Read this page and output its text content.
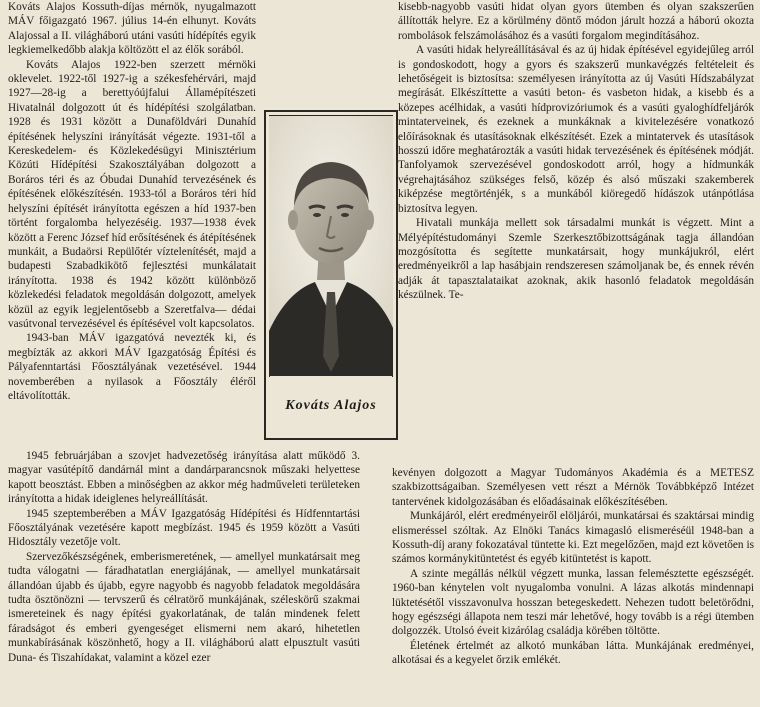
Kováts Alajos Kossuth-díjas mérnök, nyugalmazott MÁV főigazgató 1967. július 14-én elhunyt. Kováts Alajossal a II. világháború utáni vasúti hídépítés egyik legkiemelkedőbb alakja költözött el az élők sorából.

Kováts Alajos 1922-ben szerzett mérnöki oklevelet. 1922-től 1927-ig a székesfehérvári, majd 1927—28-ig a berettyóújfalui Államépítészeti Hivatalnál dolgozott út és hídépítési szolgálatban. 1928 és 1931 között a Dunaföldvári Dunahíd építésének helyszíni irányítását végezte. 1931-től a Kereskedelem- és Közlekedésügyi Minisztérium Közúti Hídépítési Szakosztályában dolgozott a Boráros téri és az Óbudai Dunahíd tervezésének és építésének előkészítésén. 1933-tól a Boráros téri híd helyszíni építését irányította egészen a híd 1937-ben történt forgalomba helyezéséig. 1937—1938 évek között a Ferenc József híd erősítésének és átépítésének munkáit, a Budaörsi Repülőtér víztelenítését, majd a budapesti Szabadkikötő fejlesztési munkálatait irányította. 1938 és 1942 között különböző közlekedési feladatok megoldásán dolgozott, amelyek közül az egyik legjelentősebb a Szeretfalva— dédai vasútvonal tervezésével és építésével volt kapcsolatos.

1943-ban MÁV igazgatóvá nevezték ki, és megbízták az akkori MÁV Igazgatóság Építési és Pályafenntartási Főosztályának vezetésével. 1944 novemberében a nyilasok a Főosztály éléről eltávolították.

Kováts Alajos

kisebb-nagyobb vasúti hidat olyan gyors ütemben és olyan szakszerűen állították helyre. Ez a körülmény döntő módon járult hozzá a háború okozta rombolások felszámolásához és a vasúti forgalom megindításához.

A vasúti hidak helyreállításával és az új hidak építésével egyidejűleg arról is gondoskodott, hogy a gyors és szakszerű munkavégzés feltételeit és lehetőségeit is biztosítsa: személyesen irányította az új Vasúti Hídszabályzat megírását. Elkészíttette a vasúti beton- és vasbeton hidak, a kisebb és a közepes acélhidak, a vasúti hídprovizóriumok és a vasúti gyaloghídfeljárók mintaterveinek, és ezeknek a munkáknak a kivitelezésére vonatkozó előírásoknak és utasításoknak elkészítését. Ezek a mintatervek és utasítások hosszú időre meghatározták a vasúti hidak tervezésének és építésének módját. Tanfolyamok szervezésével gondoskodott arról, hogy a hídmunkák végrehajtásához szükséges felső, közép és alsó műszaki szakemberek kiképzése megtörténjék, s a munkából kiöregedő hídászok utánpótlása biztosítva legyen.

Hivatali munkája mellett sok társadalmi munkát is végzett. Mint a Mélyépítéstudományi Szemle Szerkesztőbizottságának tagja állandóan mozgósította és segítette munkatársait, hogy munkájukról, elért eredményeikről a lap hasábjain rendszeresen számoljanak be, és ennek révén adják át tapasztalataikat azoknak, akik hasonló feladatok megoldásán készülnek. Te-

1945 februárjában a szovjet hadvezetőség irányítása alatt működő 3. magyar vasútépítő dandárnál mint a dandárparancsnok műszaki helyettese kapott beosztást. Ebben a minőségben az akkor még hadműveleti területeken irányította a hidak ideiglenes helyreállítását.

1945 szeptemberében a MÁV Igazgatóság Hídépítési és Hídfenntartási Főosztályának vezetésére kapott megbízást. 1945 és 1959 között a Vasúti Hidosztály vezetője volt.

Szervezőkészségének, emberismeretének, — amellyel munkatársait meg tudta válogatni — fáradhatatlan energiájának, — amellyel munkatársait állandóan újabb és újabb, egyre nagyobb és nagyobb feladatok megoldására tudta ösztönözni — tervszerű és célratörő munkájának, széleskörű szakmai ismereteinek és nagy építési gyakorlatának, de talán mindenek felett fáradságot és emberi gyengeséget elismerni nem akaró, hihetetlen munkabírásának köszönhető, hogy a II. világháború alatt elpusztult vasúti Duna- és Tiszahídakat, valamint a közel ezer

kevényen dolgozott a Magyar Tudományos Akadémia és a METESZ szakbizottságaiban. Személyesen vett részt a Mérnök Továbbképző Intézet tantervének kidolgozásában és előadásainak előkészítésében.

Munkájáról, elért eredményeiről elöljárói, munkatársai és szaktársai mindig elismeréssel szóltak. Az Elnöki Tanács kimagasló elismeréséül 1948-ban a Kossuth-díj arany fokozatával tüntette ki. Ezt megelőzően, majd ezt követően is számos kormánykitüntetést és egyéb kitüntetést is kapott.

A szinte megállás nélkül végzett munka, lassan felemésztette egészségét. 1960-ban kénytelen volt nyugalomba vonulni. A lázas alkotás mindennapi lüktetésétől visszavonulva hosszan betegeskedett. Nehezen tudott beletörődni, hogy egészségi állapota nem teszi már lehetővé, hogy tovább is a régi ütemben dolgozzék. Utolsó éveit kizárólag családja körében töltötte.

Életének értelmét az alkotó munkában látta. Munkájának eredményei, alkotásai és a kegyelet őrzik emlékét.
